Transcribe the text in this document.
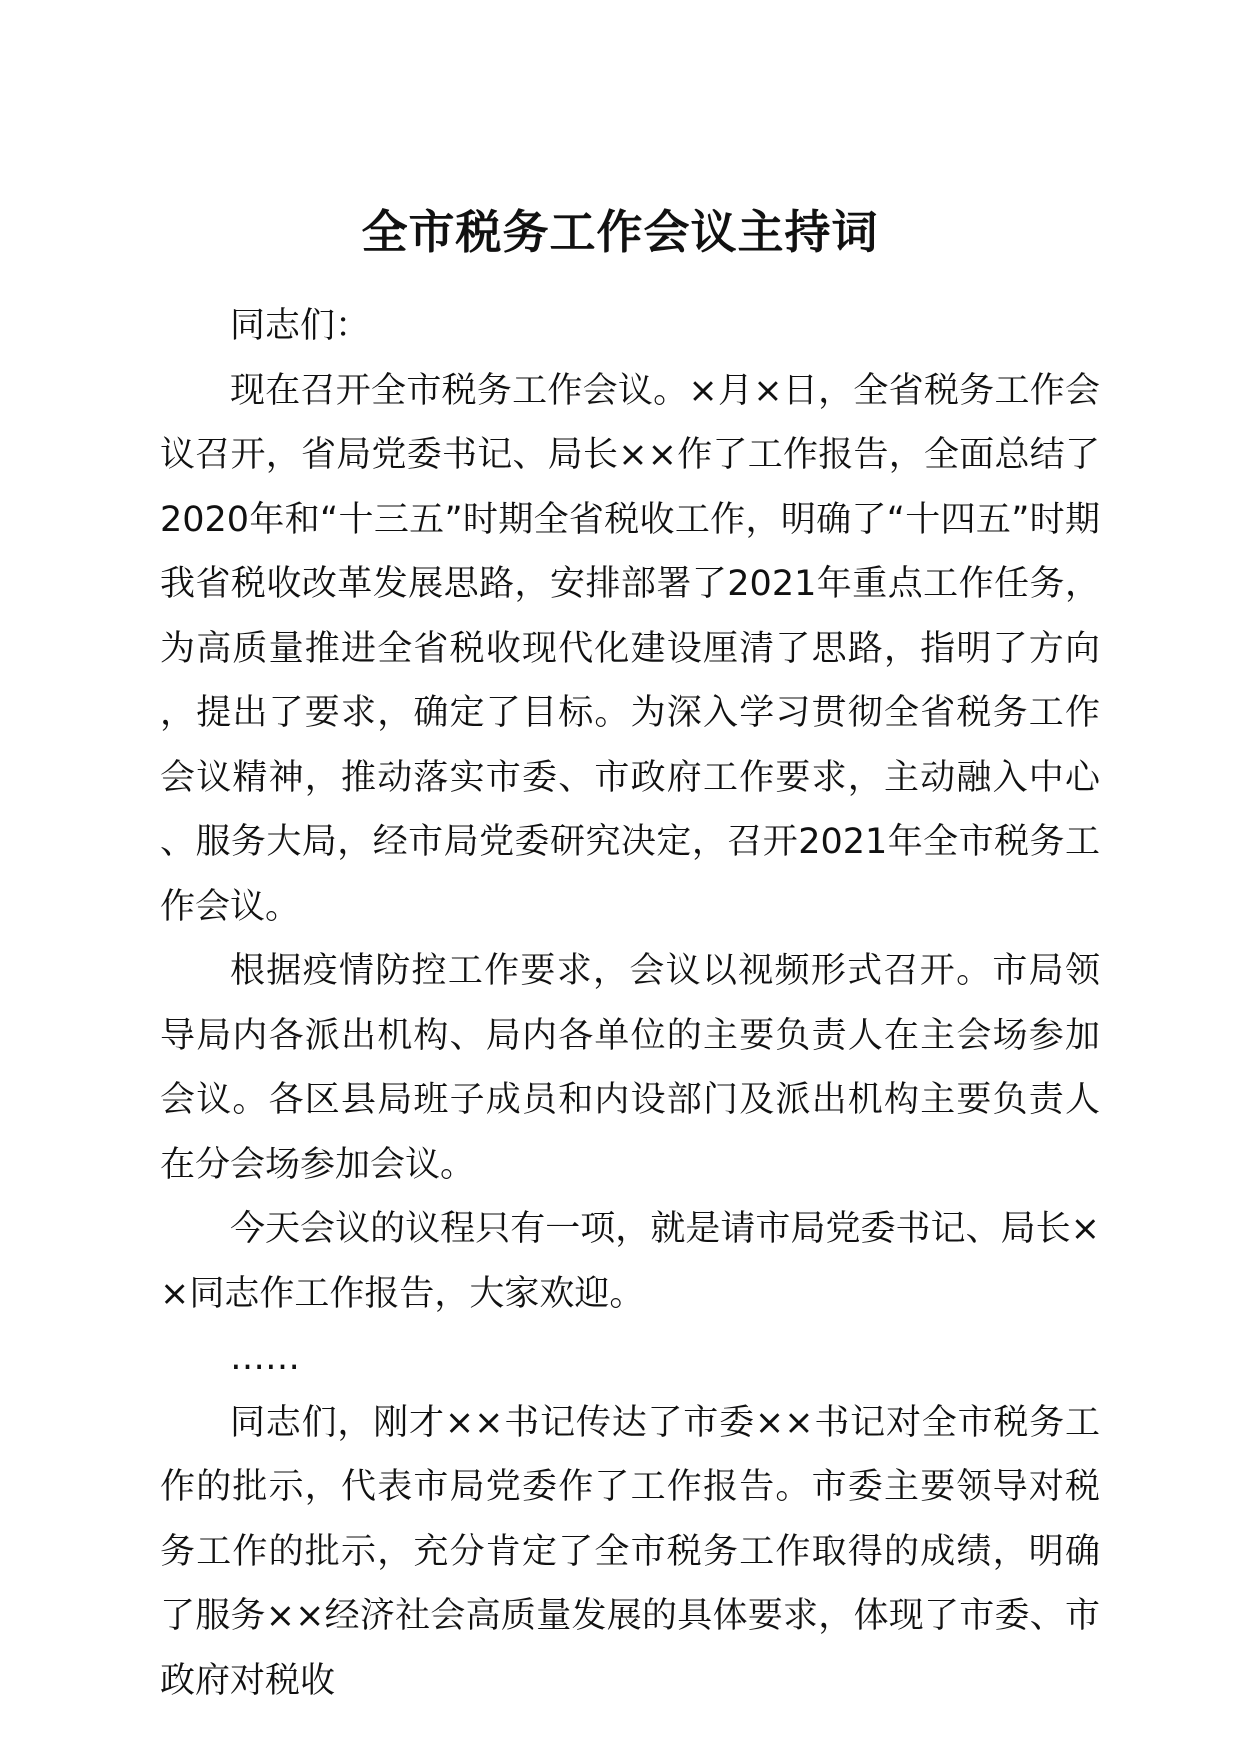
全市税务工作会议主持词

同志们：

现在召开全市税务工作会议。×月×日，全省税务工作会议召开，省局党委书记、局长××作了工作报告，全面总结了2020年和“十三五”时期全省税收工作，明确了“十四五”时期我省税收改革发展思路，安排部署了2021年重点工作任务，为高质量推进全省税收现代化建设厘清了思路，指明了方向，提出了要求，确定了目标。为深入学习贯彻全省税务工作会议精神，推动落实市委、市政府工作要求，主动融入中心、服务大局，经市局党委研究决定，召开2021年全市税务工作会议。

根据疫情防控工作要求，会议以视频形式召开。市局领导局内各派出机构、局内各单位的主要负责人在主会场参加会议。各区县局班子成员和内设部门及派出机构主要负责人在分会场参加会议。

今天会议的议程只有一项，就是请市局党委书记、局长××同志作工作报告，大家欢迎。

……

同志们，刚才××书记传达了市委××书记对全市税务工作的批示，代表市局党委作了工作报告。市委主要领导对税务工作的批示，充分肯定了全市税务工作取得的成绩，明确了服务××经济社会高质量发展的具体要求，体现了市委、市政府对税收
